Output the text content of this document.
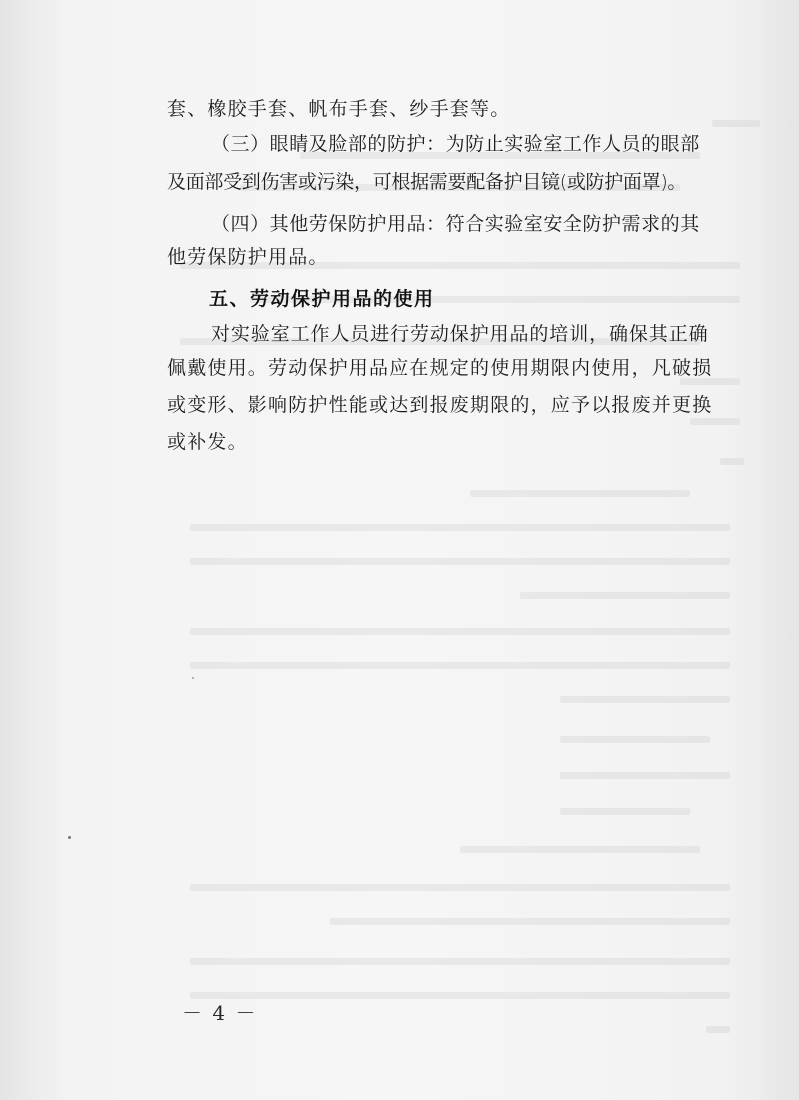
套、橡胶手套、帆布手套、纱手套等。
（三）眼睛及脸部的防护：为防止实验室工作人员的眼部
及面部受到伤害或污染，可根据需要配备护目镜(或防护面罩)。
（四）其他劳保防护用品：符合实验室安全防护需求的其
他劳保防护用品。
五、劳动保护用品的使用
对实验室工作人员进行劳动保护用品的培训，确保其正确
佩戴使用。劳动保护用品应在规定的使用期限内使用，凡破损
或变形、影响防护性能或达到报废期限的，应予以报废并更换
或补发。
－ 4 －
